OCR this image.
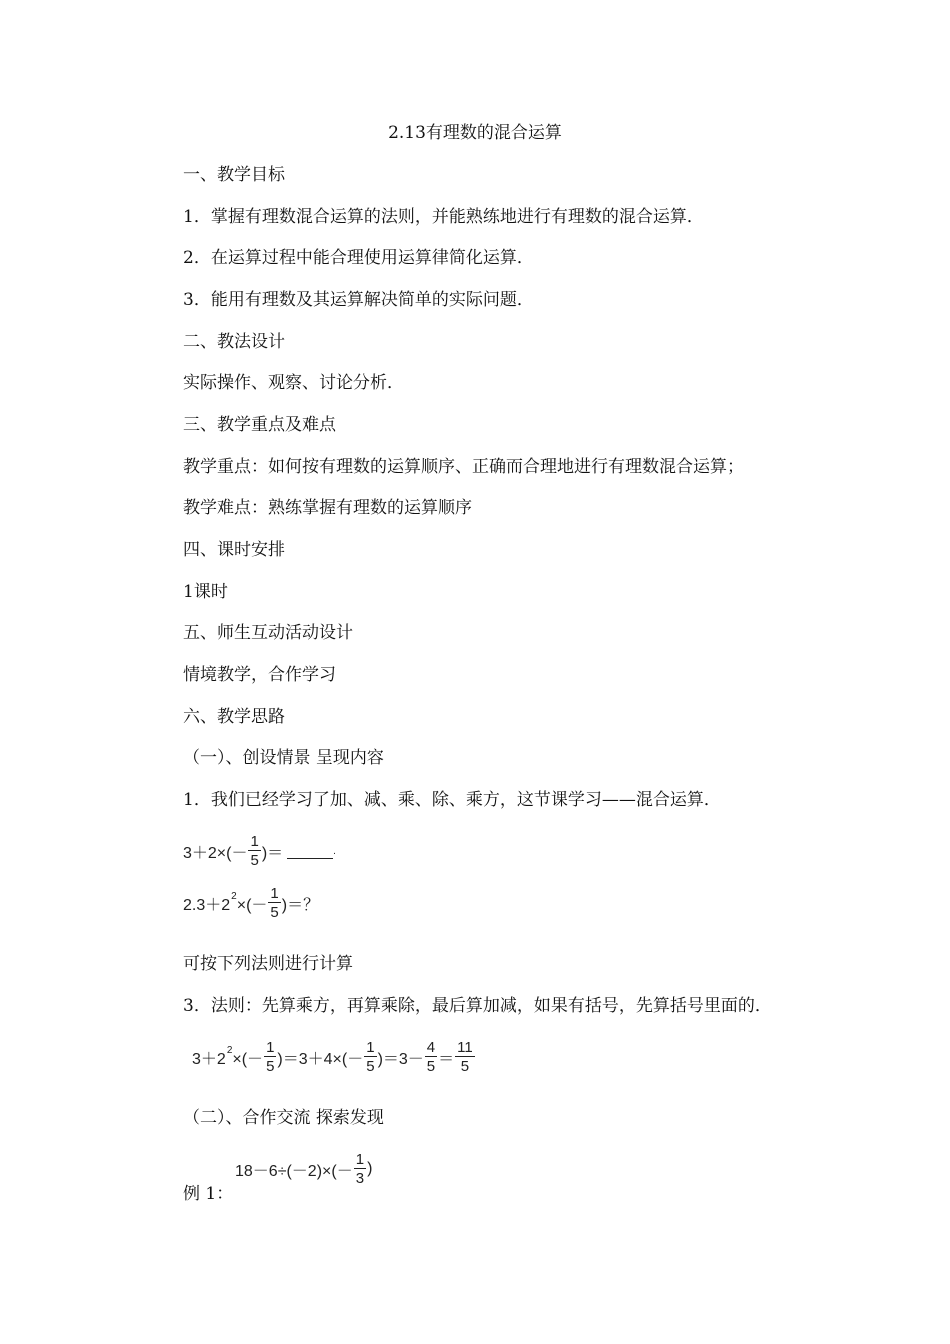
2.13有理数的混合运算
一、教学目标
1．掌握有理数混合运算的法则，并能熟练地进行有理数的混合运算．
2．在运算过程中能合理使用运算律简化运算．
3．能用有理数及其运算解决简单的实际问题．
二、教法设计
实际操作、观察、讨论分析．
三、教学重点及难点
教学重点：如何按有理数的运算顺序、正确而合理地进行有理数混合运算；
教学难点：熟练掌握有理数的运算顺序
四、课时安排
1课时
五、师生互动活动设计
情境教学，合作学习
六、教学思路
（一）、创设情景 呈现内容
1．我们已经学习了加、减、乘、除、乘方，这节课学习——混合运算．
$3+2\times(- \frac{1}{5}$ )＝	.
2.3＋2
2
×(－ $\frac{1}{5}$ )＝？
可按下列法则进行计算
3．法则：先算乘方，再算乘除，最后算加减，如果有括号，先算括号里面的．
3＋2
2
×(－ $\frac{1}{5} )=3+4\times(- \frac{1}{5} )=3- \frac{4}{5} = \frac{11}{5}$
（二）、合作交流 探索发现
$18-6\div(-2)\times(- \frac{1}{3}$ )
例 1：
